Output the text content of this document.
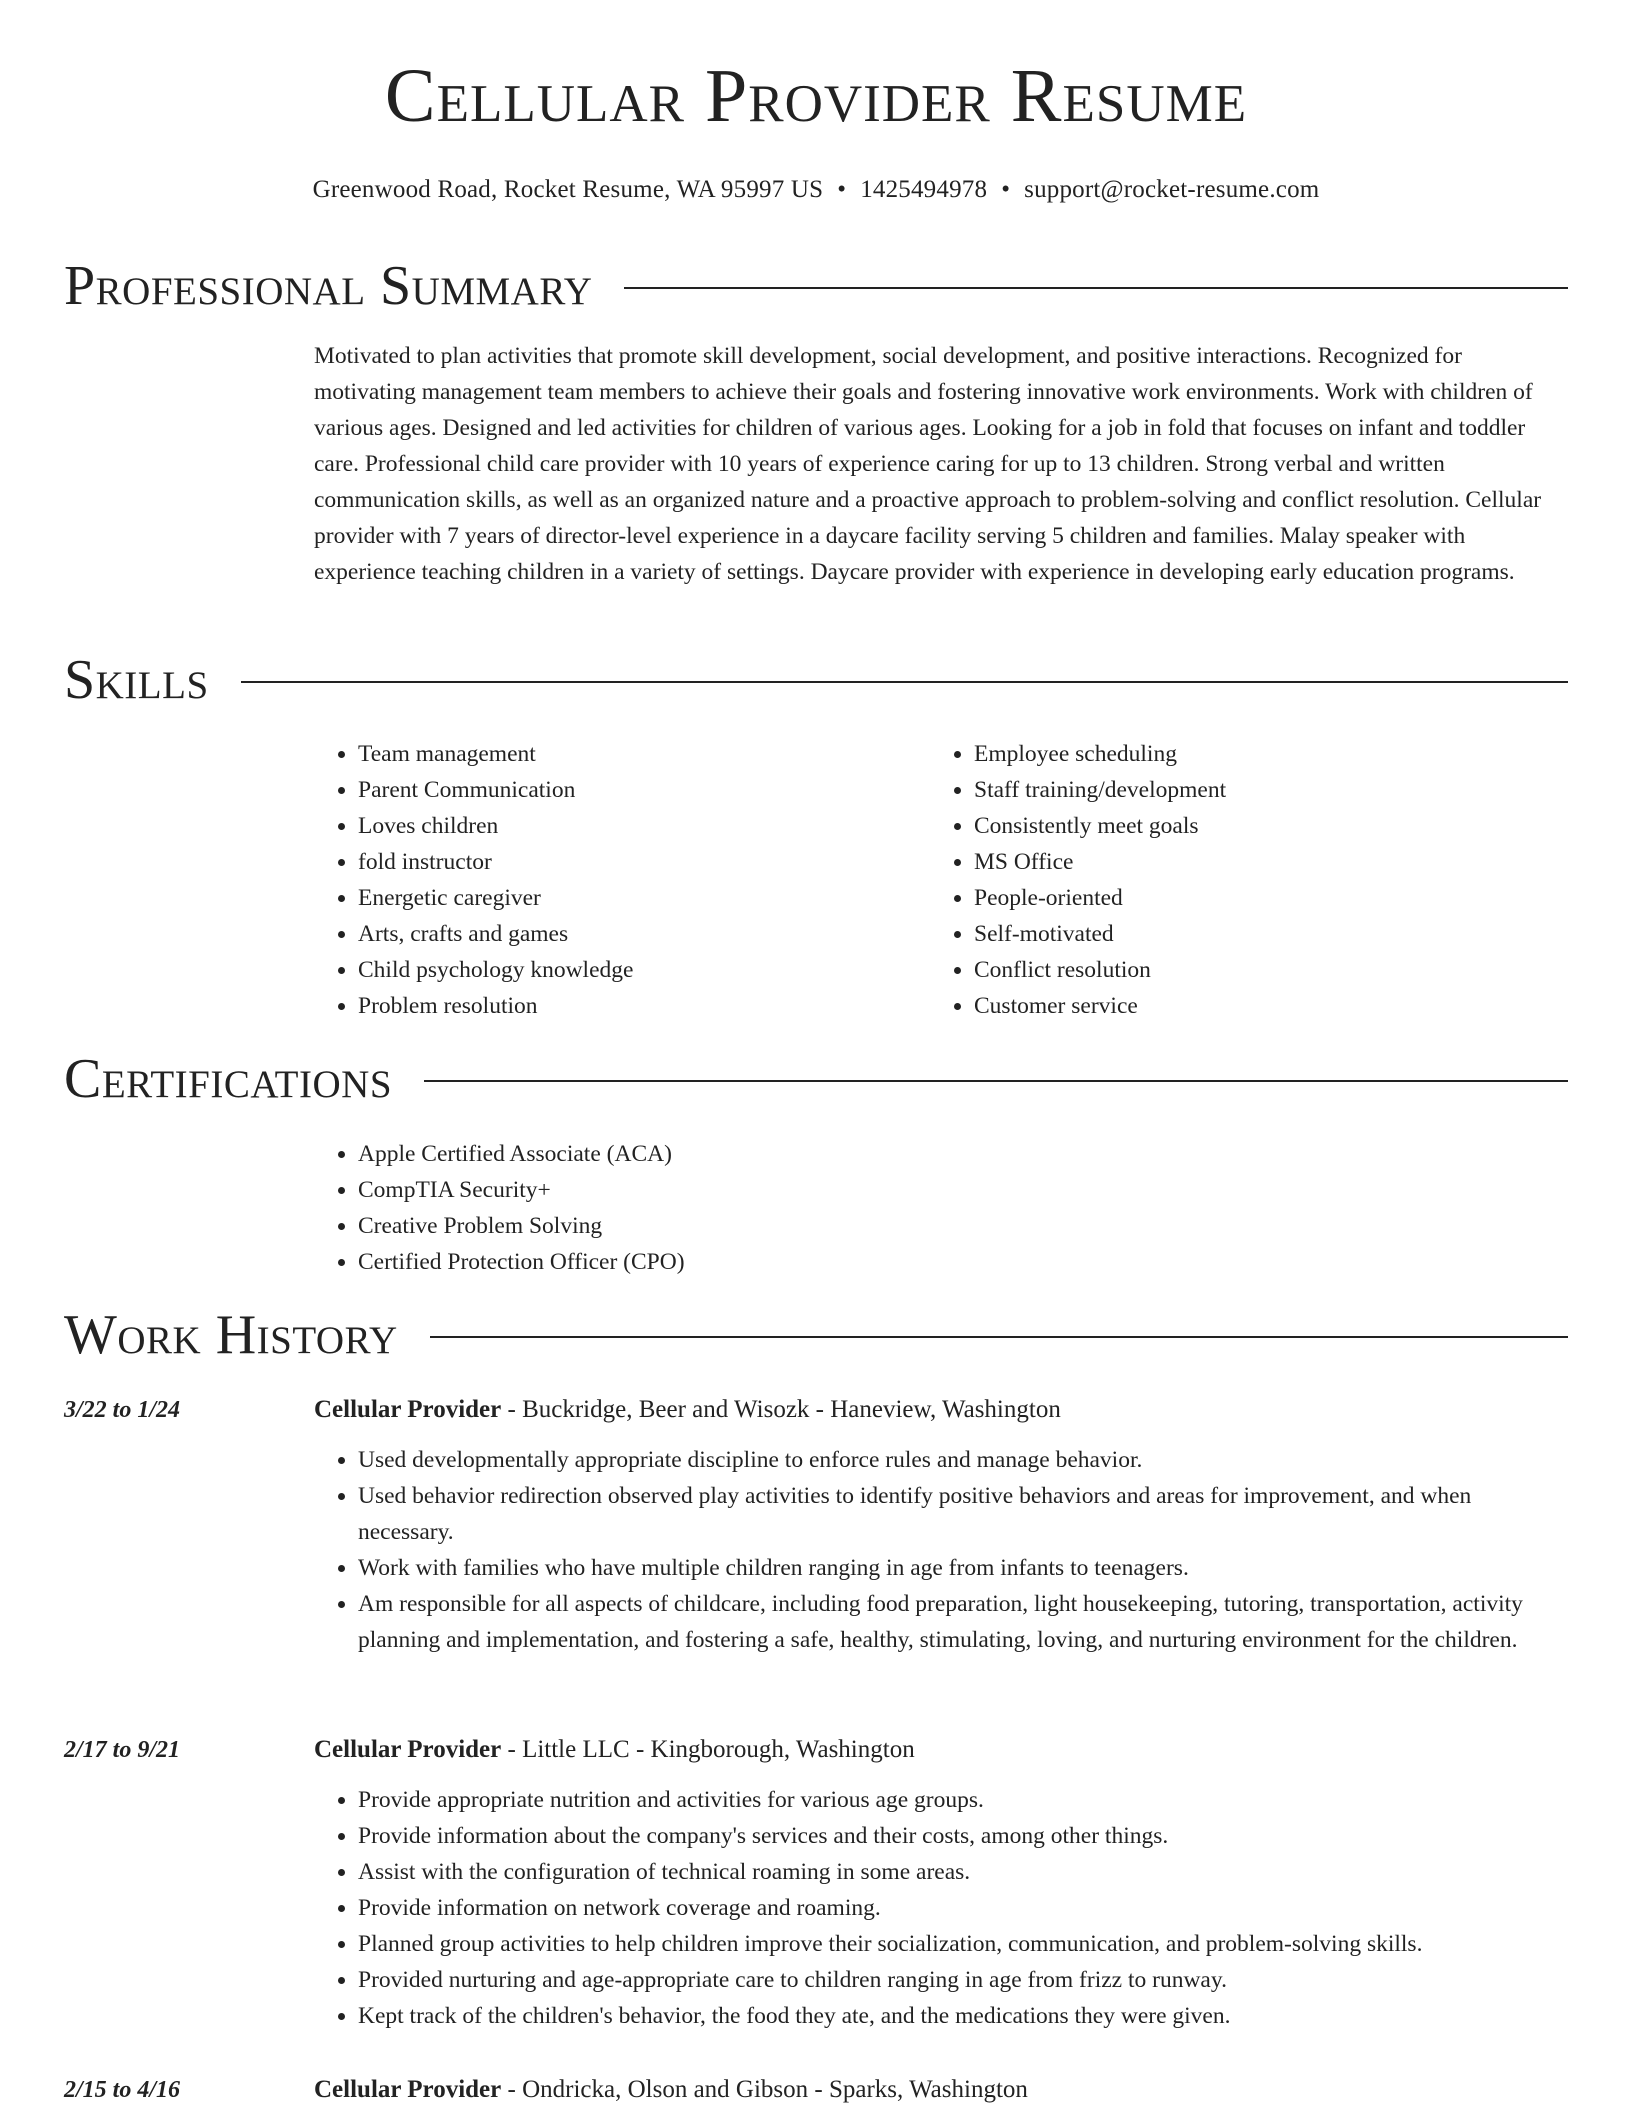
Cellular Provider Resume
Greenwood Road, Rocket Resume, WA 95997 US • 1425494978 • support@rocket-resume.com
Professional Summary

Motivated to plan activities that promote skill development, social development, and positive interactions. Recognized for motivating management team members to achieve their goals and fostering innovative work environments. Work with children of various ages. Designed and led activities for children of various ages. Looking for a job in fold that focuses on infant and toddler care. Professional child care provider with 10 years of experience caring for up to 13 children. Strong verbal and written communication skills, as well as an organized nature and a proactive approach to problem-solving and conflict resolution. Cellular provider with 7 years of director-level experience in a daycare facility serving 5 children and families. Malay speaker with experience teaching children in a variety of settings. Daycare provider with experience in developing early education programs.

Skills
• Team management
• Parent Communication
• Loves children
• fold instructor
• Energetic caregiver
• Arts, crafts and games
• Child psychology knowledge
• Problem resolution
• Employee scheduling
• Staff training/development
• Consistently meet goals
• MS Office
• People-oriented
• Self-motivated
• Conflict resolution
• Customer service
Certifications
• Apple Certified Associate (ACA)
• CompTIA Security+
• Creative Problem Solving
• Certified Protection Officer (CPO)
Work History
3/22 to 1/24	Cellular Provider - Buckridge, Beer and Wisozk - Haneview, Washington
• Used developmentally appropriate discipline to enforce rules and manage behavior.
• Used behavior redirection observed play activities to identify positive behaviors and areas for improvement, and when necessary.
• Work with families who have multiple children ranging in age from infants to teenagers.
• Am responsible for all aspects of childcare, including food preparation, light housekeeping, tutoring, transportation, activity planning and implementation, and fostering a safe, healthy, stimulating, loving, and nurturing environment for the children.
2/17 to 9/21	Cellular Provider - Little LLC - Kingborough, Washington
• Provide appropriate nutrition and activities for various age groups.
• Provide information about the company's services and their costs, among other things.
• Assist with the configuration of technical roaming in some areas.
• Provide information on network coverage and roaming.
• Planned group activities to help children improve their socialization, communication, and problem-solving skills.
• Provided nurturing and age-appropriate care to children ranging in age from frizz to runway.
• Kept track of the children's behavior, the food they ate, and the medications they were given.
2/15 to 4/16	Cellular Provider - Ondricka, Olson and Gibson - Sparks, Washington
